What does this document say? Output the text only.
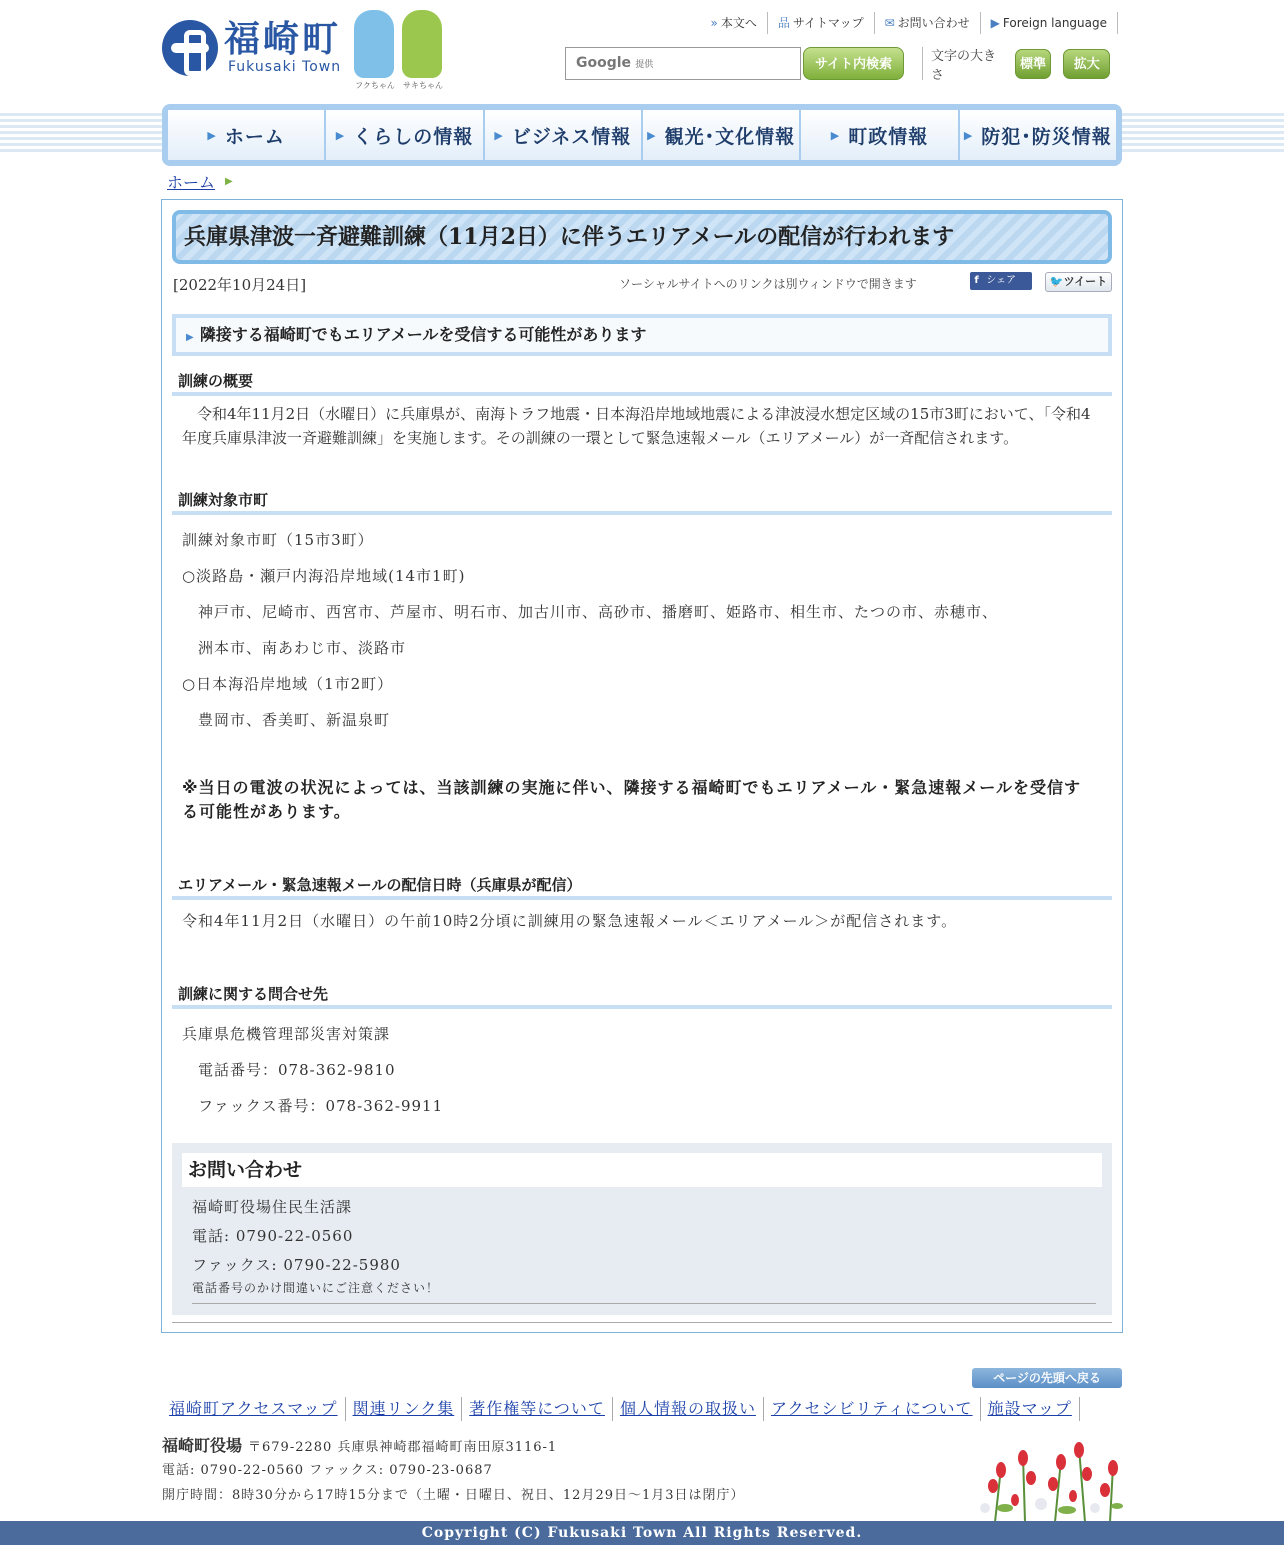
福崎町
Fukusaki Town
フクちゃん サキちゃん
» 本文へ	品 サイトマップ	✉ お問い合わせ	▶ Foreign language
Google 提供	サイト内検索
文字の大きさ
標準	拡大
▶ ホーム	▶ くらしの情報 ▶ ビジネス情報 ▶ 観光･文化情報	▶ 町政情報	▶ 防犯･防災情報
ホーム ▶
兵庫県津波一斉避難訓練（11月2日）に伴うエリアメールの配信が行われます
[2022年10月24日]	ソーシャルサイトへのリンクは別ウィンドウで開きます	f シェア	🐦ツイート
▶ 隣接する福崎町でもエリアメールを受信する可能性があります
訓練の概要
　令和4年11月2日（水曜日）に兵庫県が、南海トラフ地震・日本海沿岸地域地震による津波浸水想定区域の15市3町において、「令和4年度兵庫県津波一斉避難訓練」を実施します。その訓練の一環として緊急速報メール（エリアメール）が一斉配信されます。
訓練対象市町
訓練対象市町（15市3町）
○淡路島・瀬戸内海沿岸地域(14市1町)
　神戸市、尼崎市、西宮市、芦屋市、明石市、加古川市、高砂市、播磨町、姫路市、相生市、たつの市、赤穂市、
　洲本市、南あわじ市、淡路市
○日本海沿岸地域（1市2町）
　豊岡市、香美町、新温泉町
※当日の電波の状況によっては、当該訓練の実施に伴い、隣接する福崎町でもエリアメール・緊急速報メールを受信する可能性があります。
エリアメール・緊急速報メールの配信日時（兵庫県が配信）
令和4年11月2日（水曜日）の午前10時2分頃に訓練用の緊急速報メール＜エリアメール＞が配信されます。
訓練に関する問合せ先
兵庫県危機管理部災害対策課
　電話番号：078-362-9810
　ファックス番号：078-362-9911
お問い合わせ
福崎町役場住民生活課
電話: 0790-22-0560
ファックス: 0790-22-5980
電話番号のかけ間違いにご注意ください！
ページの先頭へ戻る
福崎町アクセスマップ 関連リンク集 著作権等について 個人情報の取扱い アクセシビリティについて 施設マップ
福崎町役場 〒679-2280 兵庫県神崎郡福崎町南田原3116-1
電話: 0790-22-0560 ファックス: 0790-23-0687
開庁時間：8時30分から17時15分まで（土曜・日曜日、祝日、12月29日～1月3日は閉庁）
Copyright (C) Fukusaki Town All Rights Reserved.
